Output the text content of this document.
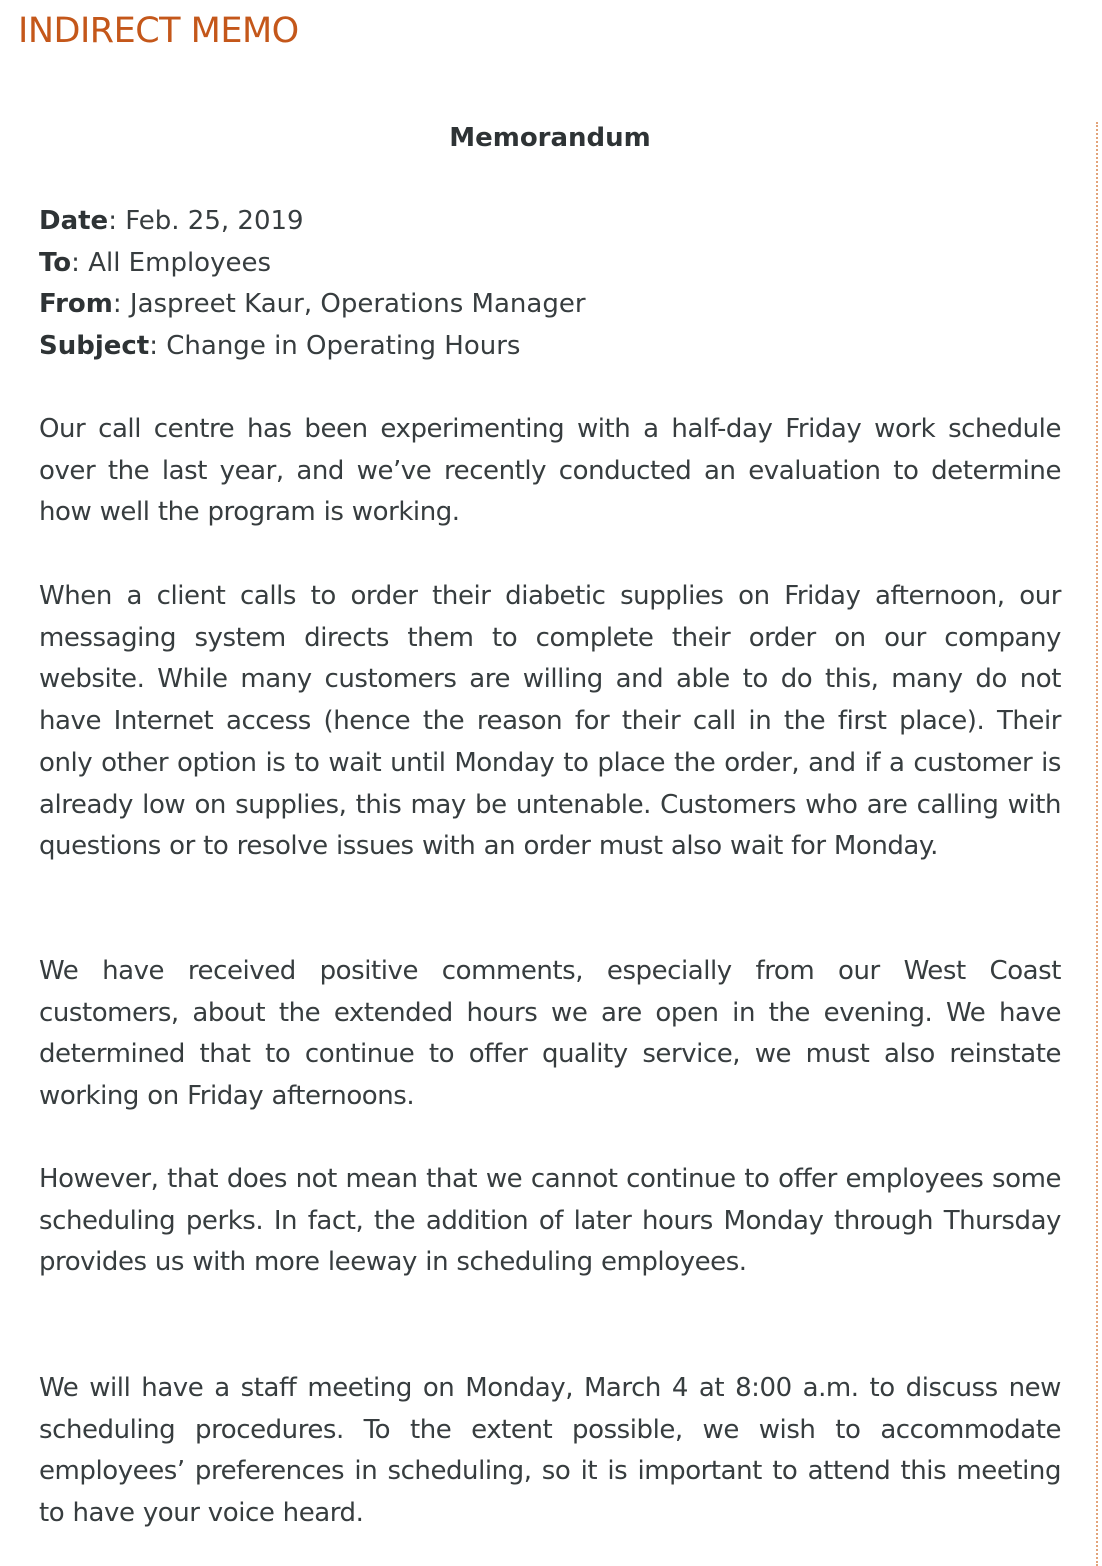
INDIRECT MEMO
Memorandum
Date: Feb. 25, 2019
To: All Employees
From: Jaspreet Kaur, Operations Manager
Subject: Change in Operating Hours

Our call centre has been experimenting with a half-day Friday work schedule over the last year, and we’ve recently conducted an evaluation to determine how well the program is working.

When a client calls to order their diabetic supplies on Friday afternoon, our messaging system directs them to complete their order on our company website. While many customers are willing and able to do this, many do not have Internet access (hence the reason for their call in the first place). Their only other option is to wait until Monday to place the order, and if a customer is already low on supplies, this may be untenable. Customers who are calling with questions or to resolve issues with an order must also wait for Monday.

We have received positive comments, especially from our West Coast customers, about the extended hours we are open in the evening. We have determined that to continue to offer quality service, we must also reinstate working on Friday afternoons.

However, that does not mean that we cannot continue to offer employees some scheduling perks. In fact, the addition of later hours Monday through Thursday provides us with more leeway in scheduling employees.

We will have a staff meeting on Monday, March 4 at 8:00 a.m. to discuss new scheduling procedures. To the extent possible, we wish to accommodate employees’ preferences in scheduling, so it is important to attend this meeting to have your voice heard.
